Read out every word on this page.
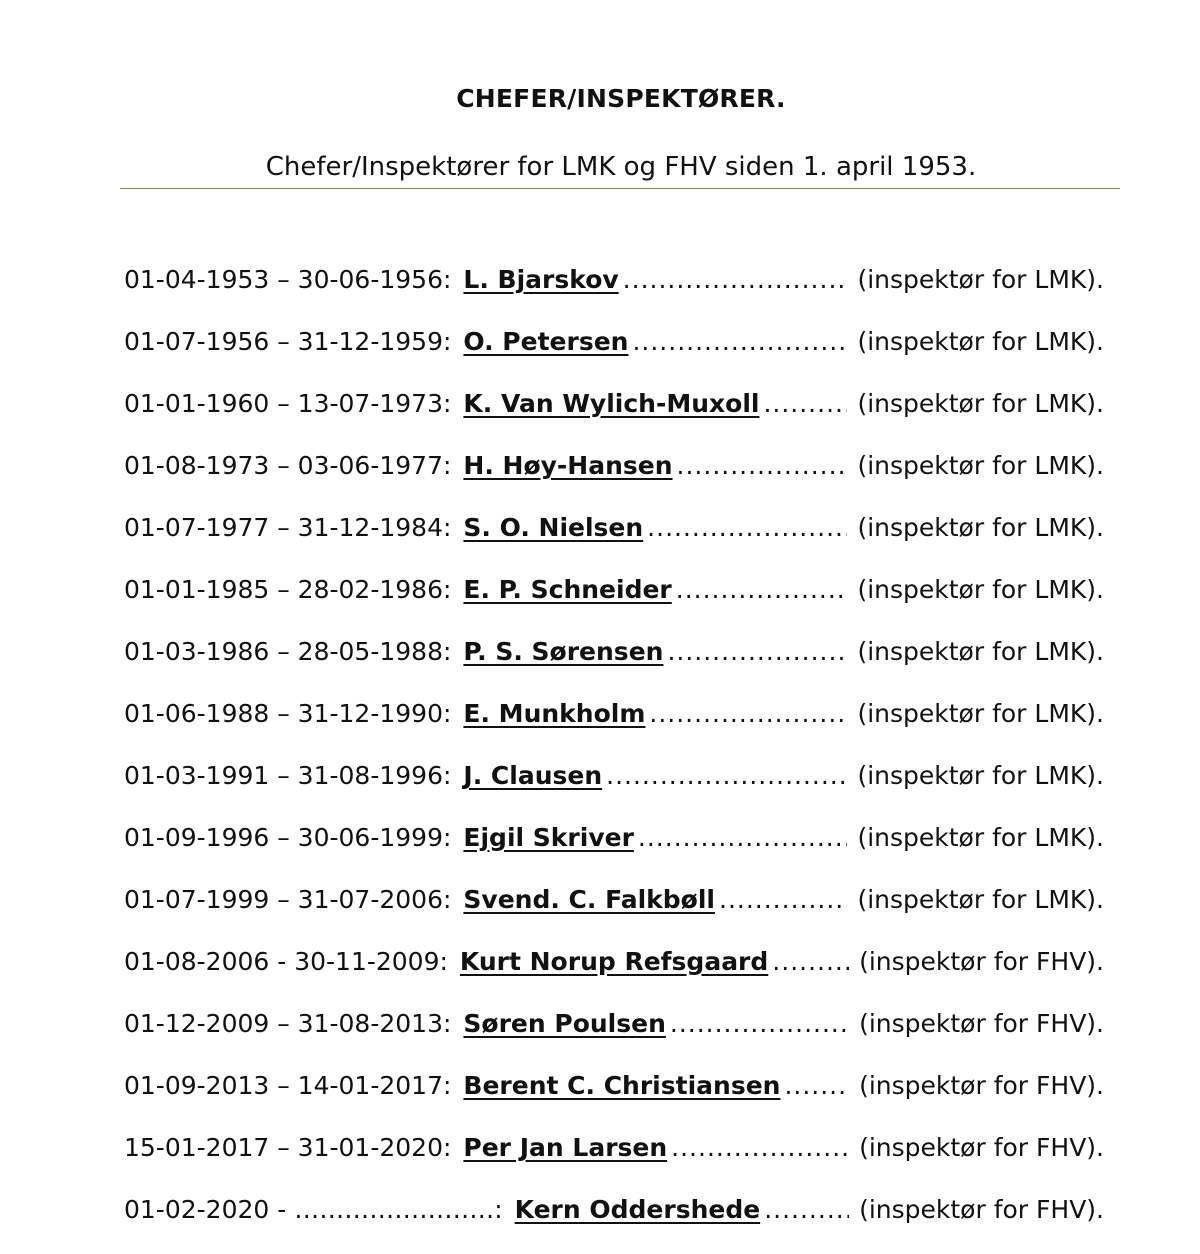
CHEFER/INSPEKTØRER.
Chefer/Inspektører for LMK og FHV siden 1. april 1953.
01-04-1953 – 30-06-1956: L. Bjarskov .....	(inspektør for LMK).
01-07-1956 – 31-12-1959: O. Petersen .....	(inspektør for LMK).
01-01-1960 – 13-07-1973: K. Van Wylich-Muxoll .....	(inspektør for LMK).
01-08-1973 – 03-06-1977: H. Høy-Hansen .....	(inspektør for LMK).
01-07-1977 – 31-12-1984: S. O. Nielsen .....	(inspektør for LMK).
01-01-1985 – 28-02-1986: E. P. Schneider .....	(inspektør for LMK).
01-03-1986 – 28-05-1988: P. S. Sørensen .....	(inspektør for LMK).
01-06-1988 – 31-12-1990: E. Munkholm .....	(inspektør for LMK).
01-03-1991 – 31-08-1996: J. Clausen .....	(inspektør for LMK).
01-09-1996 – 30-06-1999: Ejgil Skriver .....	(inspektør for LMK).
01-07-1999 – 31-07-2006: Svend. C. Falkbøll .....	(inspektør for LMK).
01-08-2006 - 30-11-2009: Kurt Norup Refsgaard .....	(inspektør for FHV).
01-12-2009 – 31-08-2013: Søren Poulsen .....	(inspektør for FHV).
01-09-2013 – 14-01-2017: Berent C. Christiansen .....	(inspektør for FHV).
15-01-2017 – 31-01-2020: Per Jan Larsen .....	(inspektør for FHV).
01-02-2020 - ……………………: Kern Oddershede .....	(inspektør for FHV).
